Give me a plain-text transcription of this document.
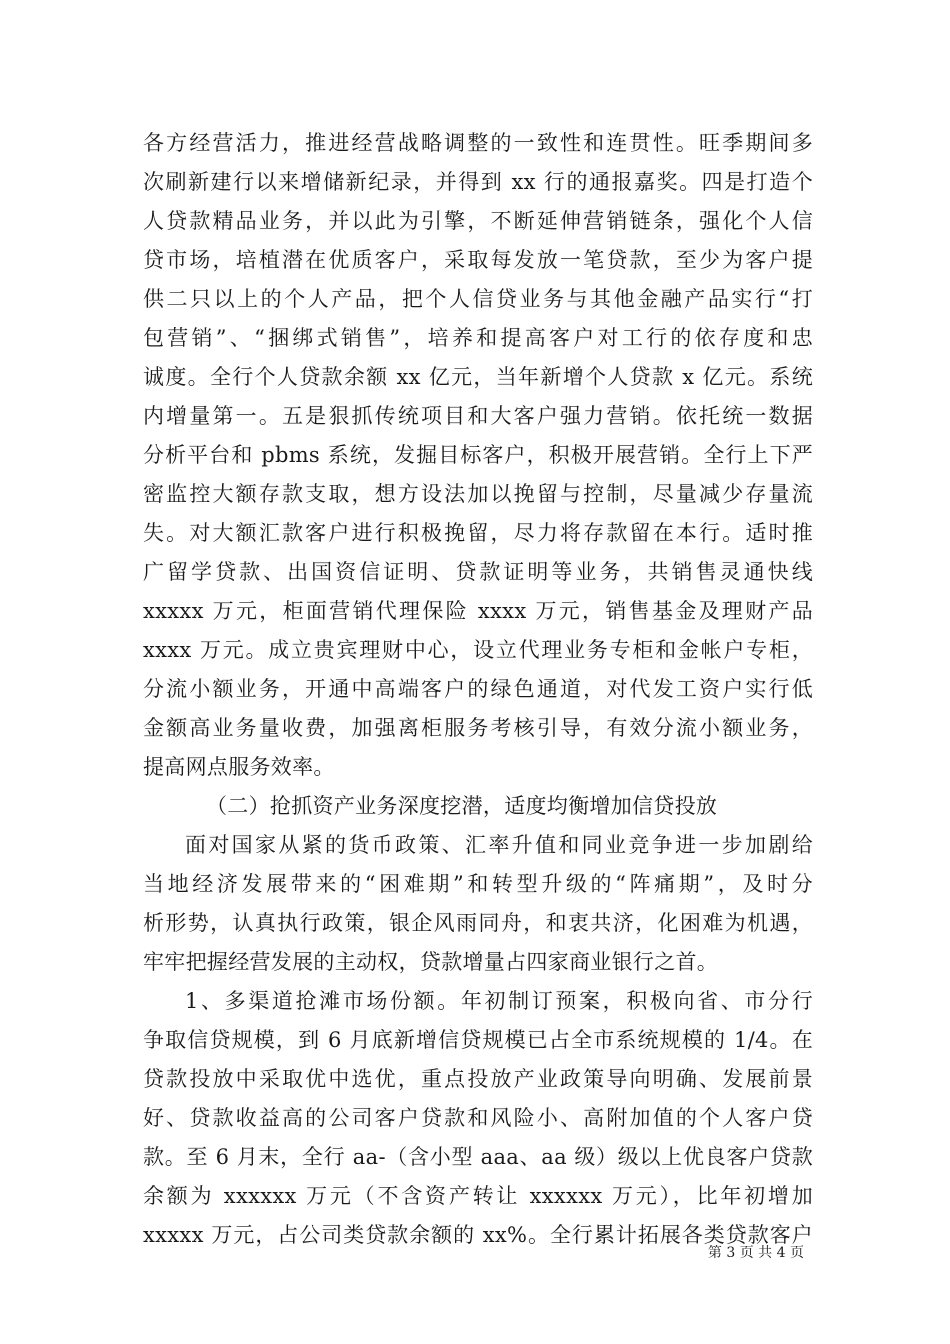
各方经营活力，推进经营战略调整的一致性和连贯性。旺季期间多
次刷新建行以来增储新纪录，并得到 xx 行的通报嘉奖。四是打造个
人贷款精品业务，并以此为引擎，不断延伸营销链条，强化个人信
贷市场，培植潜在优质客户，采取每发放一笔贷款，至少为客户提
供二只以上的个人产品，把个人信贷业务与其他金融产品实行“打
包营销”、“捆绑式销售”，培养和提高客户对工行的依存度和忠
诚度。全行个人贷款余额 xx 亿元，当年新增个人贷款 x 亿元。系统
内增量第一。五是狠抓传统项目和大客户强力营销。依托统一数据
分析平台和 pbms 系统，发掘目标客户，积极开展营销。全行上下严
密监控大额存款支取，想方设法加以挽留与控制，尽量减少存量流
失。对大额汇款客户进行积极挽留，尽力将存款留在本行。适时推
广留学贷款、出国资信证明、贷款证明等业务，共销售灵通快线
xxxxx 万元，柜面营销代理保险 xxxx 万元，销售基金及理财产品
xxxx 万元。成立贵宾理财中心，设立代理业务专柜和金帐户专柜，
分流小额业务，开通中高端客户的绿色通道，对代发工资户实行低
金额高业务量收费，加强离柜服务考核引导，有效分流小额业务，
提高网点服务效率。
（二）抢抓资产业务深度挖潜，适度均衡增加信贷投放
面对国家从紧的货币政策、汇率升值和同业竞争进一步加剧给
当地经济发展带来的“困难期”和转型升级的“阵痛期”，及时分
析形势，认真执行政策，银企风雨同舟，和衷共济，化困难为机遇，
牢牢把握经营发展的主动权，贷款增量占四家商业银行之首。
1、多渠道抢滩市场份额。年初制订预案，积极向省、市分行
争取信贷规模，到 6 月底新增信贷规模已占全市系统规模的 1/4。在
贷款投放中采取优中选优，重点投放产业政策导向明确、发展前景
好、贷款收益高的公司客户贷款和风险小、高附加值的个人客户贷
款。至 6 月末，全行 aa-（含小型 aaa、aa 级）级以上优良客户贷款
余额为 xxxxxx 万元（不含资产转让 xxxxxx 万元），比年初增加
xxxxx 万元，占公司类贷款余额的 xx%。全行累计拓展各类贷款客户
第 3 页 共 4 页
